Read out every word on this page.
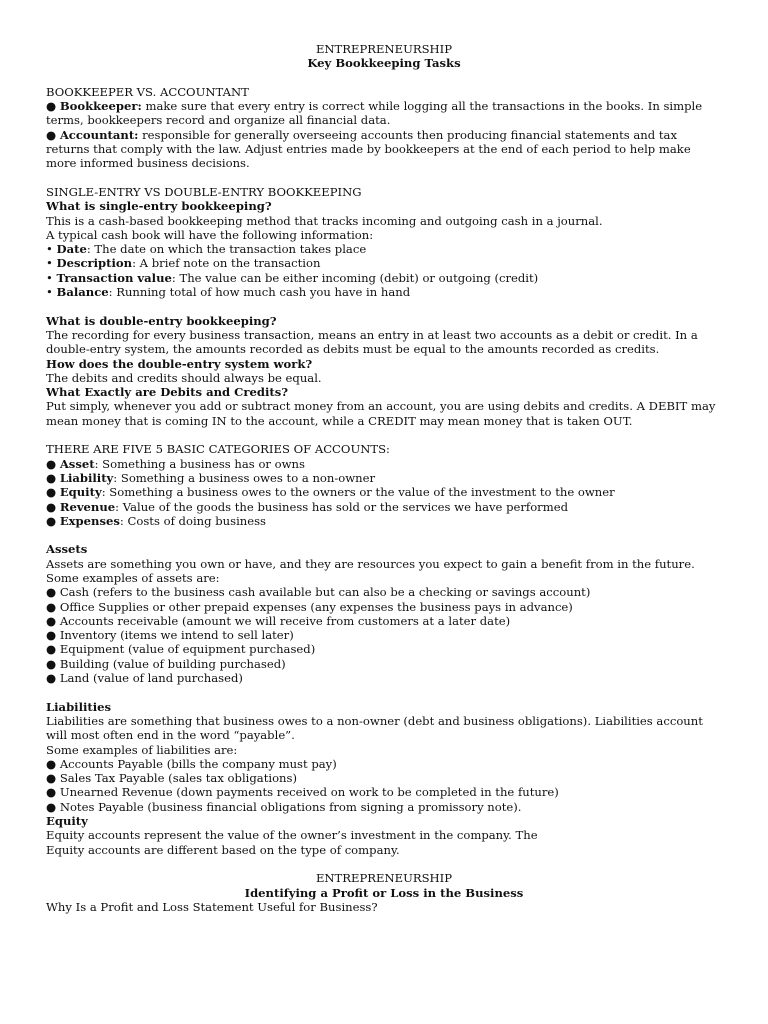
ENTREPRENEURSHIP

Key Bookkeeping Tasks

BOOKKEEPER VS. ACCOUNTANT

● Bookkeeper: make sure that every entry is correct while logging all the transactions in the books. In simple terms, bookkeepers record and organize all financial data.

● Accountant: responsible for generally overseeing accounts then producing financial statements and tax returns that comply with the law. Adjust entries made by bookkeepers at the end of each period to help make more informed business decisions.

SINGLE-ENTRY VS DOUBLE-ENTRY BOOKKEEPING

What is single-entry bookkeeping?

This is a cash-based bookkeeping method that tracks incoming and outgoing cash in a journal.

A typical cash book will have the following information:

• Date: The date on which the transaction takes place

• Description: A brief note on the transaction

• Transaction value: The value can be either incoming (debit) or outgoing (credit)

• Balance: Running total of how much cash you have in hand

What is double-entry bookkeeping?

The recording for every business transaction, means an entry in at least two accounts as a debit or credit. In a double-entry system, the amounts recorded as debits must be equal to the amounts recorded as credits.

How does the double-entry system work?

The debits and credits should always be equal.

What Exactly are Debits and Credits?

Put simply, whenever you add or subtract money from an account, you are using debits and credits. A DEBIT may mean money that is coming IN to the account, while a CREDIT may mean money that is taken OUT.

THERE ARE FIVE 5 BASIC CATEGORIES OF ACCOUNTS:

● Asset: Something a business has or owns

● Liability: Something a business owes to a non-owner

● Equity: Something a business owes to the owners or the value of the investment to the owner

● Revenue: Value of the goods the business has sold or the services we have performed

● Expenses: Costs of doing business

Assets

Assets are something you own or have, and they are resources you expect to gain a benefit from in the future.

Some examples of assets are:

● Cash (refers to the business cash available but can also be a checking or savings account)

● Office Supplies or other prepaid expenses (any expenses the business pays in advance)

● Accounts receivable (amount we will receive from customers at a later date)

● Inventory (items we intend to sell later)

● Equipment (value of equipment purchased)

● Building (value of building purchased)

● Land (value of land purchased)

Liabilities

Liabilities are something that business owes to a non-owner (debt and business obligations). Liabilities account will most often end in the word “payable”.

Some examples of liabilities are:

● Accounts Payable (bills the company must pay)

● Sales Tax Payable (sales tax obligations)

● Unearned Revenue (down payments received on work to be completed in the future)

● Notes Payable (business financial obligations from signing a promissory note).

Equity

Equity accounts represent the value of the owner’s investment in the company. The

Equity accounts are different based on the type of company.

ENTREPRENEURSHIP

Identifying a Profit or Loss in the Business

Why Is a Profit and Loss Statement Useful for Business?
